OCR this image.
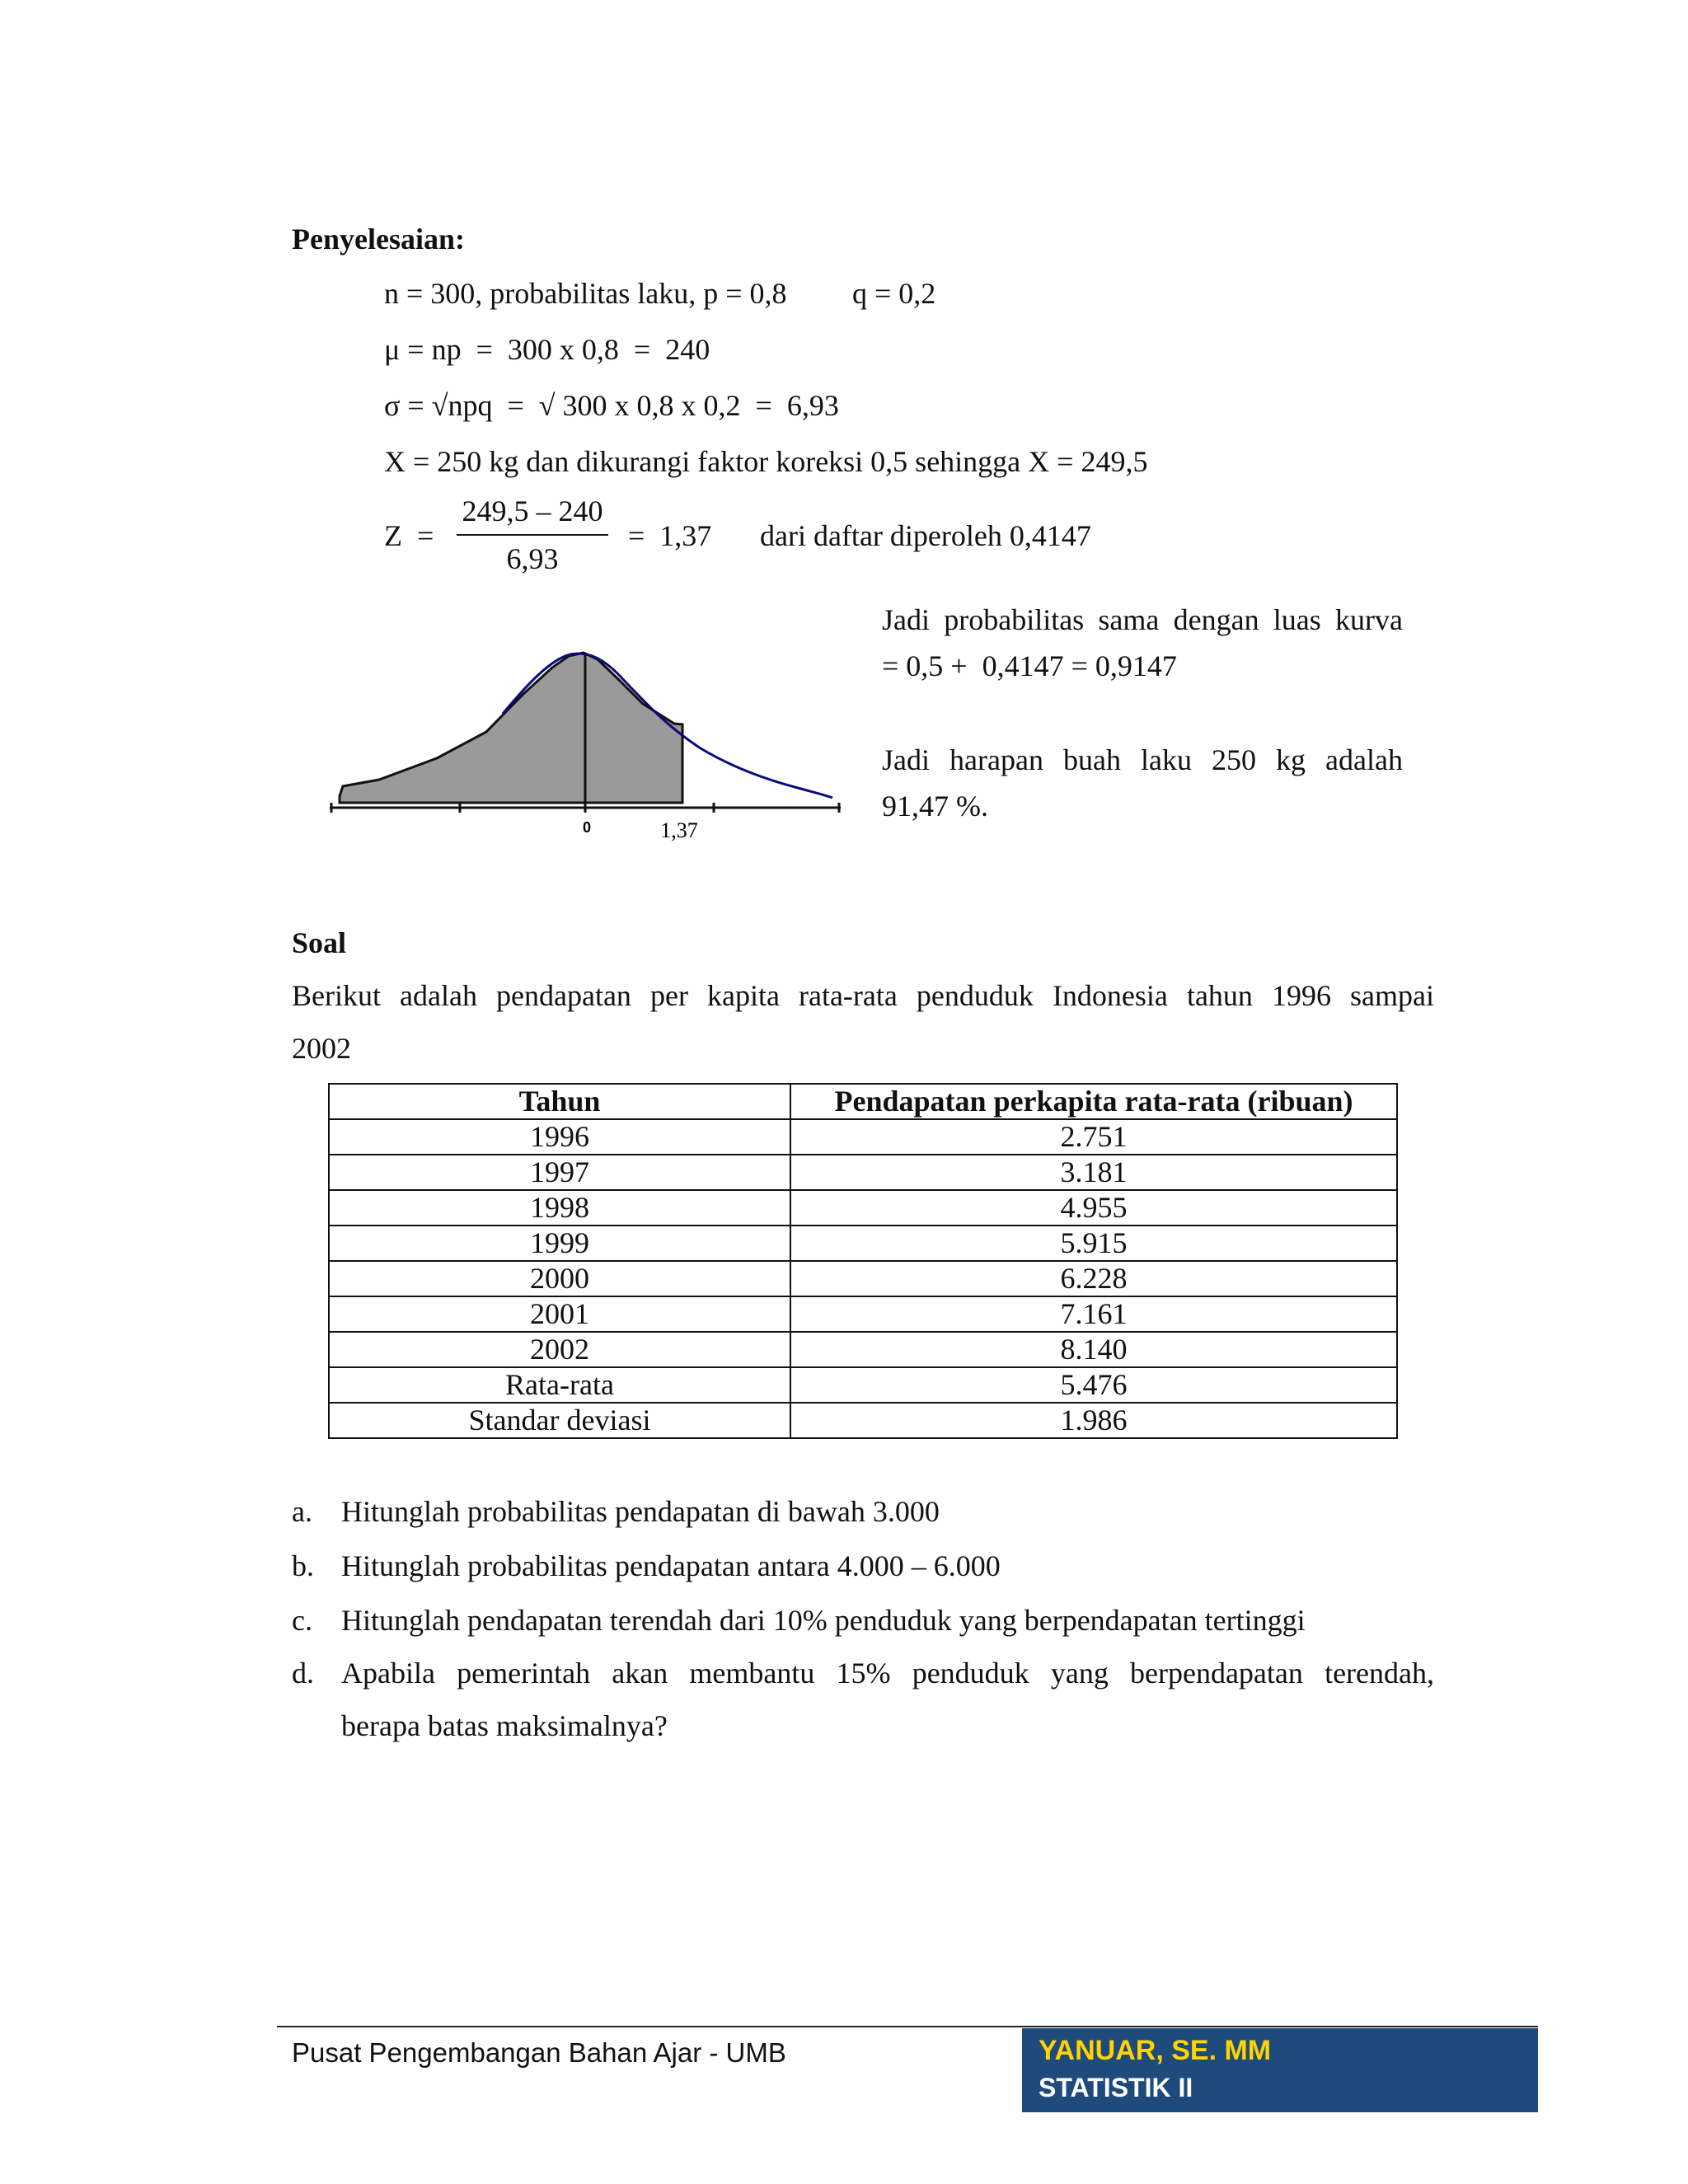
Penyelesaian:
n = 300, probabilitas laku, p = 0,8 q = 0,2
μ = np  =  300 x 0,8  =  240
σ = √npq  =  √ 300 x 0,8 x 0,2  =  6,93
X = 250 kg dan dikurangi faktor koreksi 0,5 sehingga X = 249,5
Z  =
249,5 – 240
6,93
=  1,37 dari daftar diperoleh 0,4147
0	1,37
Jadi probabilitas sama dengan luas kurva
= 0,5 +  0,4147 = 0,9147
Jadi harapan buah laku 250 kg adalah
91,47 %.
Soal
Berikut adalah pendapatan per kapita rata-rata penduduk Indonesia tahun 1996 sampai
2002
Tahun	Pendapatan perkapita rata-rata (ribuan)
1996	2.751
1997	3.181
1998	4.955
1999	5.915
2000	6.228
2001	7.161
2002	8.140
Rata-rata	5.476
Standar deviasi	1.986
a. Hitunglah probabilitas pendapatan di bawah 3.000
b. Hitunglah probabilitas pendapatan antara 4.000 – 6.000
c. Hitunglah pendapatan terendah dari 10% penduduk yang berpendapatan tertinggi
d. Apabila pemerintah akan membantu 15% penduduk yang berpendapatan terendah,
berapa batas maksimalnya?
Pusat Pengembangan Bahan Ajar - UMB	YANUAR, SE. MM
STATISTIK II
